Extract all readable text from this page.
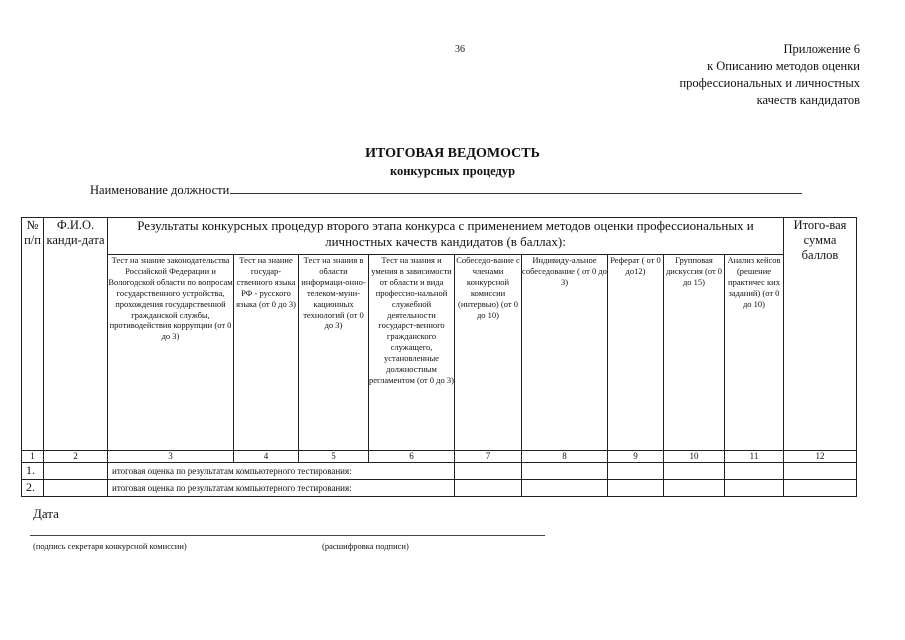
36	Приложение 6
к Описанию методов оценки
профессиональных и личностных
качеств кандидатов
ИТОГОВАЯ ВЕДОМОСТЬ
конкурсных процедур
Наименование должности
№ п/п	Ф.И.О. канди-дата	Результаты конкурсных процедур второго этапа конкурса с применением методов оценки профессиональных и личностных качеств кандидатов (в баллах):									Итого-вая сумма баллов
		Тест на знание законодательства Российской Федерации и Вологодской области по вопросам государственного устройства, прохождения государственной гражданской службы, противодействия коррупции (от 0 до 3)	Тест на знание государ-ственного языка РФ - русского языка (от 0 до 3)	Тест на знания в области информаци-онно-телеком-муни-кационных технологий (от 0 до 3)	Тест на знания и умения в зависимости от области и вида профессио-нальной служебной деятельности государст-венного гражданского служащего, установленные должностным регламентом (от 0 до 3)	Собеседо-вание с членами конкурсной комиссии (интервью) (от 0 до 10)	Индивиду-альное собеседование ( от 0 до 3)	Реферат ( от 0 до12)	Групповая дискуссия (от 0 до 15)	Анализ кейсов (решение практичес ких заданий) (от 0 до 10)	
1	2	3	4	5	6	7	8	9	10	11	12
1.		итоговая оценка по результатам компьютерного тестирования:									
2.		итоговая оценка по результатам компьютерного тестирования:									
Дата
(подпись секретаря конкурсной комиссии)	(расшифровка подписи)
